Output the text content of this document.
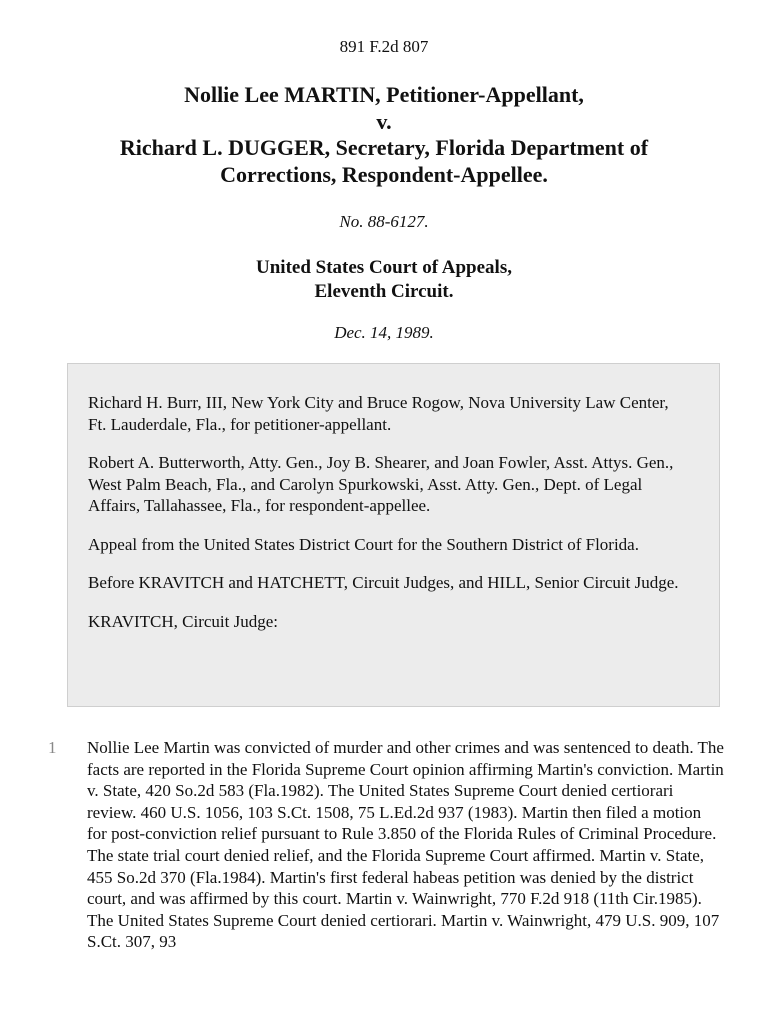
891 F.2d 807
Nollie Lee MARTIN, Petitioner-Appellant,
v.
Richard L. DUGGER, Secretary, Florida Department of
Corrections, Respondent-Appellee.
No. 88-6127.
United States Court of Appeals,
Eleventh Circuit.
Dec. 14, 1989.

Richard H. Burr, III, New York City and Bruce Rogow, Nova University Law Center, Ft. Lauderdale, Fla., for petitioner-appellant.

Robert A. Butterworth, Atty. Gen., Joy B. Shearer, and Joan Fowler, Asst. Attys. Gen., West Palm Beach, Fla., and Carolyn Spurkowski, Asst. Atty. Gen., Dept. of Legal Affairs, Tallahassee, Fla., for respondent-appellee.

Appeal from the United States District Court for the Southern District of Florida.

Before KRAVITCH and HATCHETT, Circuit Judges, and HILL, Senior Circuit Judge.

KRAVITCH, Circuit Judge:

1 Nollie Lee Martin was convicted of murder and other crimes and was sentenced to death. The facts are reported in the Florida Supreme Court opinion affirming Martin's conviction. Martin v. State, 420 So.2d 583 (Fla.1982). The United States Supreme Court denied certiorari review. 460 U.S. 1056, 103 S.Ct. 1508, 75 L.Ed.2d 937 (1983). Martin then filed a motion for post-conviction relief pursuant to Rule 3.850 of the Florida Rules of Criminal Procedure. The state trial court denied relief, and the Florida Supreme Court affirmed. Martin v. State, 455 So.2d 370 (Fla.1984). Martin's first federal habeas petition was denied by the district court, and was affirmed by this court. Martin v. Wainwright, 770 F.2d 918 (11th Cir.1985). The United States Supreme Court denied certiorari. Martin v. Wainwright, 479 U.S. 909, 107 S.Ct. 307, 93
